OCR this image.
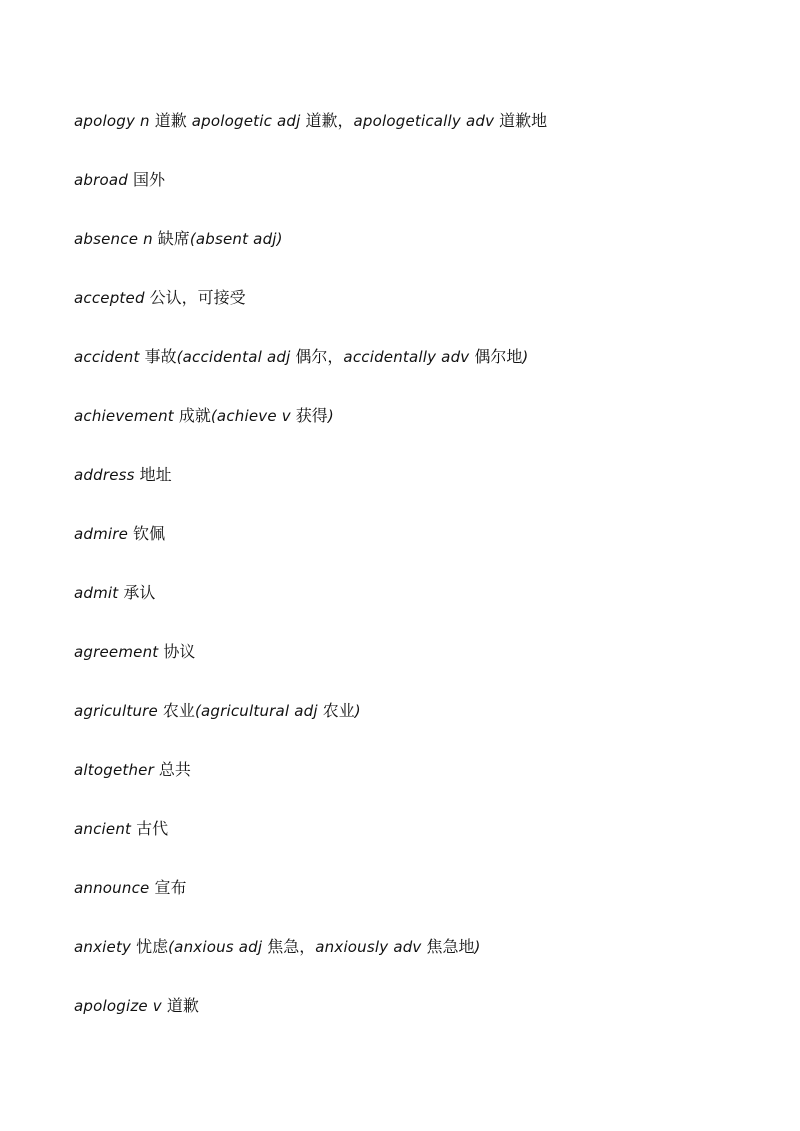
apology n 道歉 apologetic adj 道歉，apologetically adv 道歉地
abroad 国外
absence n 缺席(absent adj)
accepted 公认，可接受
accident 事故(accidental adj 偶尔，accidentally adv 偶尔地)
achievement 成就(achieve v 获得)
address 地址
admire 钦佩
admit 承认
agreement 协议
agriculture 农业(agricultural adj 农业)
altogether 总共
ancient 古代
announce 宣布
anxiety 忧虑(anxious adj 焦急，anxiously adv 焦急地)
apologize v 道歉
